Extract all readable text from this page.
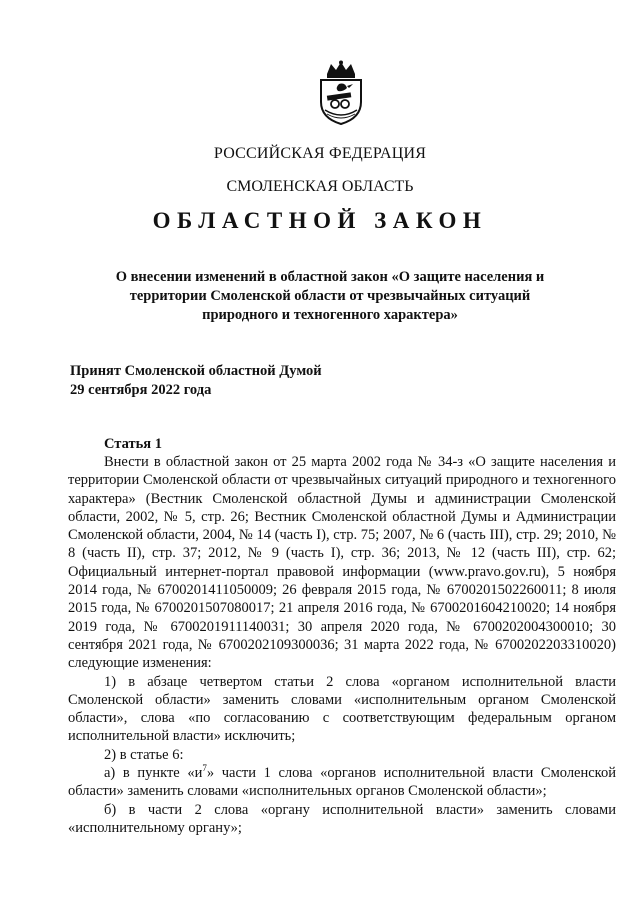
РОССИЙСКАЯ ФЕДЕРАЦИЯ
СМОЛЕНСКАЯ ОБЛАСТЬ
ОБЛАСТНОЙ ЗАКОН
О внесении изменений в областной закон «О защите населения и территории Смоленской области от чрезвычайных ситуаций природного и техногенного характера»
Принят Смоленской областной Думой
29 сентября 2022 года
Статья 1

Внести в областной закон от 25 марта 2002 года № 34-з «О защите населения и территории Смоленской области от чрезвычайных ситуаций природного и техногенного характера» (Вестник Смоленской областной Думы и администрации Смоленской области, 2002, № 5, стр. 26; Вестник Смоленской областной Думы и Администрации Смоленской области, 2004, № 14 (часть I), стр. 75; 2007, № 6 (часть III), стр. 29; 2010, № 8 (часть II), стр. 37; 2012, № 9 (часть I), стр. 36; 2013, № 12 (часть III), стр. 62; Официальный интернет-портал правовой информации (www.pravo.gov.ru), 5 ноября 2014 года, № 6700201411050009; 26 февраля 2015 года, № 6700201502260011; 8 июля 2015 года, № 6700201507080017; 21 апреля 2016 года, № 6700201604210020; 14 ноября 2019 года, № 6700201911140031; 30 апреля 2020 года, № 6700202004300010; 30 сентября 2021 года, № 6700202109300036; 31 марта 2022 года, № 6700202203310020) следующие изменения:

1) в абзаце четвертом статьи 2 слова «органом исполнительной власти Смоленской области» заменить словами «исполнительным органом Смоленской области», слова «по согласованию с соответствующим федеральным органом исполнительной власти» исключить;

2) в статье 6:

а) в пункте «$и^7$» части 1 слова «органов исполнительной власти Смоленской области» заменить словами «исполнительных органов Смоленской области»;

б) в части 2 слова «органу исполнительной власти» заменить словами «исполнительному органу»;
